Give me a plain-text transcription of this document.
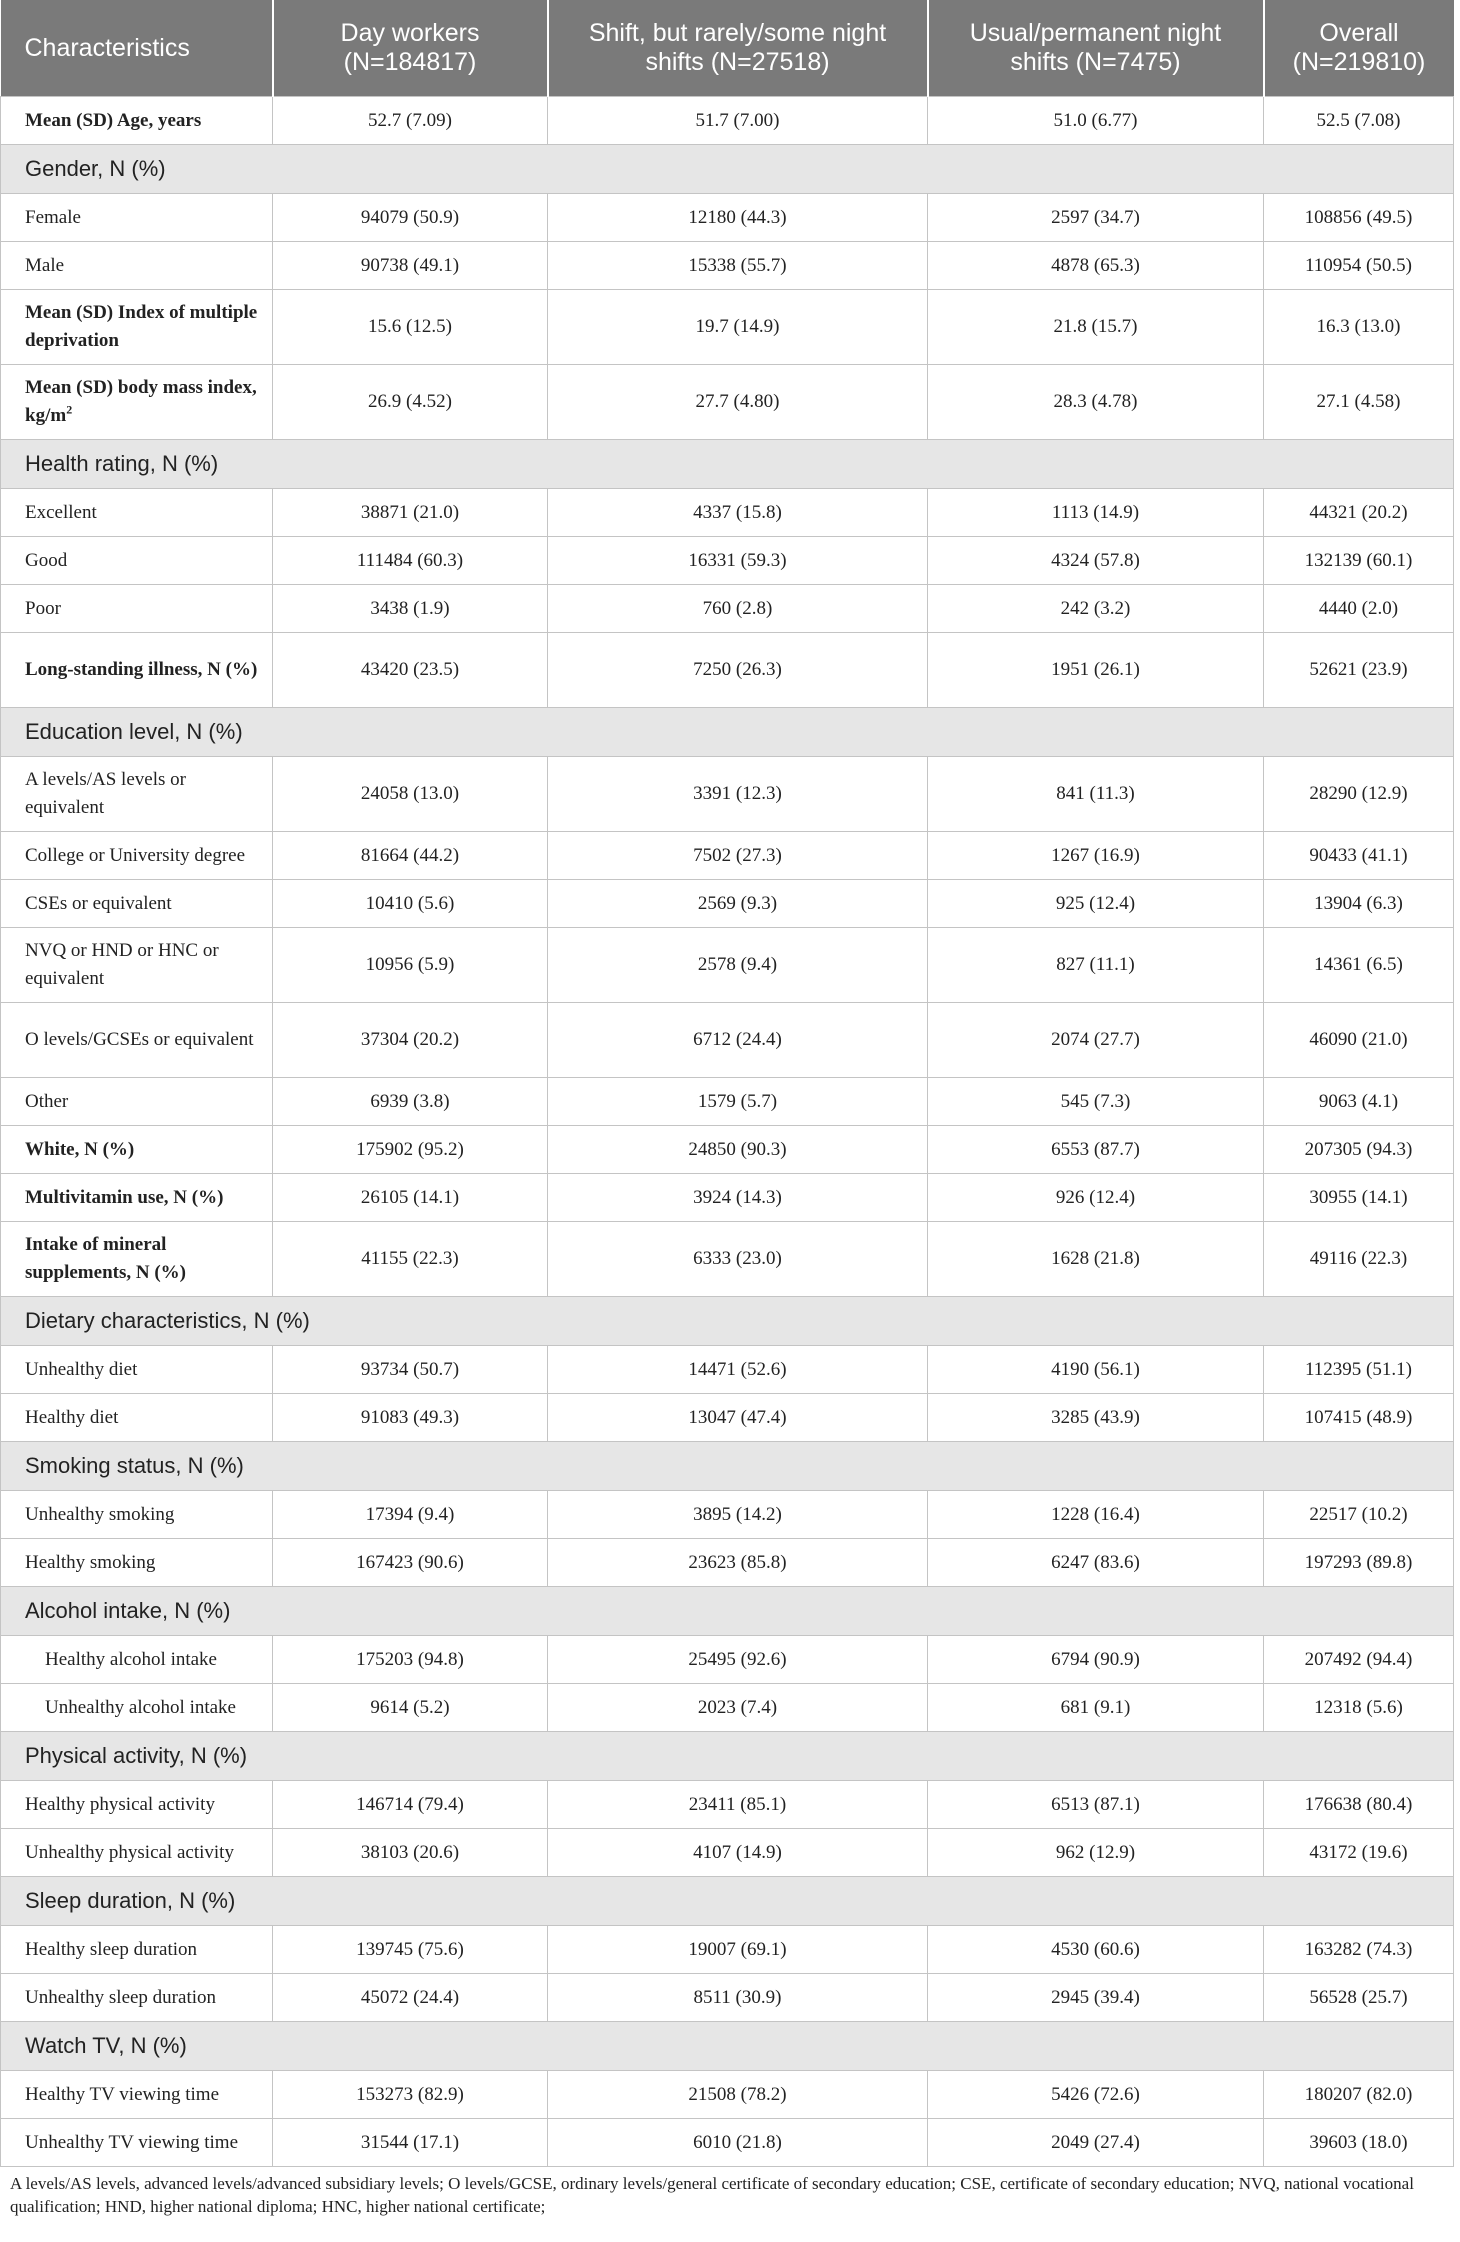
Characteristics	Day workers (N=184817)	Shift, but rarely/some night shifts (N=27518)	Usual/permanent night shifts (N=7475)	Overall (N=219810)
Mean (SD) Age, years	52.7 (7.09)	51.7 (7.00)	51.0 (6.77)	52.5 (7.08)
Gender, N (%)				
Female	94079 (50.9)	12180 (44.3)	2597 (34.7)	108856 (49.5)
Male	90738 (49.1)	15338 (55.7)	4878 (65.3)	110954 (50.5)
Mean (SD) Index of multiple deprivation	15.6 (12.5)	19.7 (14.9)	21.8 (15.7)	16.3 (13.0)
Mean (SD) body mass index, $kg/m^2$	26.9 (4.52)	27.7 (4.80)	28.3 (4.78)	27.1 (4.58)
Health rating, N (%)				
Excellent	38871 (21.0)	4337 (15.8)	1113 (14.9)	44321 (20.2)
Good	111484 (60.3)	16331 (59.3)	4324 (57.8)	132139 (60.1)
Poor	3438 (1.9)	760 (2.8)	242 (3.2)	4440 (2.0)
Long-standing illness, N (%)	43420 (23.5)	7250 (26.3)	1951 (26.1)	52621 (23.9)
Education level, N (%)				
A levels/AS levels or equivalent	24058 (13.0)	3391 (12.3)	841 (11.3)	28290 (12.9)
College or University degree	81664 (44.2)	7502 (27.3)	1267 (16.9)	90433 (41.1)
CSEs or equivalent	10410 (5.6)	2569 (9.3)	925 (12.4)	13904 (6.3)
NVQ or HND or HNC or equivalent	10956 (5.9)	2578 (9.4)	827 (11.1)	14361 (6.5)
O levels/GCSEs or equivalent	37304 (20.2)	6712 (24.4)	2074 (27.7)	46090 (21.0)
Other	6939 (3.8)	1579 (5.7)	545 (7.3)	9063 (4.1)
White, N (%)	175902 (95.2)	24850 (90.3)	6553 (87.7)	207305 (94.3)
Multivitamin use, N (%)	26105 (14.1)	3924 (14.3)	926 (12.4)	30955 (14.1)
Intake of mineral supplements, N (%)	41155 (22.3)	6333 (23.0)	1628 (21.8)	49116 (22.3)
Dietary characteristics, N (%)				
Unhealthy diet	93734 (50.7)	14471 (52.6)	4190 (56.1)	112395 (51.1)
Healthy diet	91083 (49.3)	13047 (47.4)	3285 (43.9)	107415 (48.9)
Smoking status, N (%)				
Unhealthy smoking	17394 (9.4)	3895 (14.2)	1228 (16.4)	22517 (10.2)
Healthy smoking	167423 (90.6)	23623 (85.8)	6247 (83.6)	197293 (89.8)
Alcohol intake, N (%)				
Healthy alcohol intake	175203 (94.8)	25495 (92.6)	6794 (90.9)	207492 (94.4)
Unhealthy alcohol intake	9614 (5.2)	2023 (7.4)	681 (9.1)	12318 (5.6)
Physical activity, N (%)				
Healthy physical activity	146714 (79.4)	23411 (85.1)	6513 (87.1)	176638 (80.4)
Unhealthy physical activity	38103 (20.6)	4107 (14.9)	962 (12.9)	43172 (19.6)
Sleep duration, N (%)				
Healthy sleep duration	139745 (75.6)	19007 (69.1)	4530 (60.6)	163282 (74.3)
Unhealthy sleep duration	45072 (24.4)	8511 (30.9)	2945 (39.4)	56528 (25.7)
Watch TV, N (%)				
Healthy TV viewing time	153273 (82.9)	21508 (78.2)	5426 (72.6)	180207 (82.0)
Unhealthy TV viewing time	31544 (17.1)	6010 (21.8)	2049 (27.4)	39603 (18.0)
A levels/AS levels, advanced levels/advanced subsidiary levels; O levels/GCSE, ordinary levels/general certificate of secondary education; CSE, certificate of secondary education; NVQ, national vocational qualification; HND, higher national diploma; HNC, higher national certificate;
